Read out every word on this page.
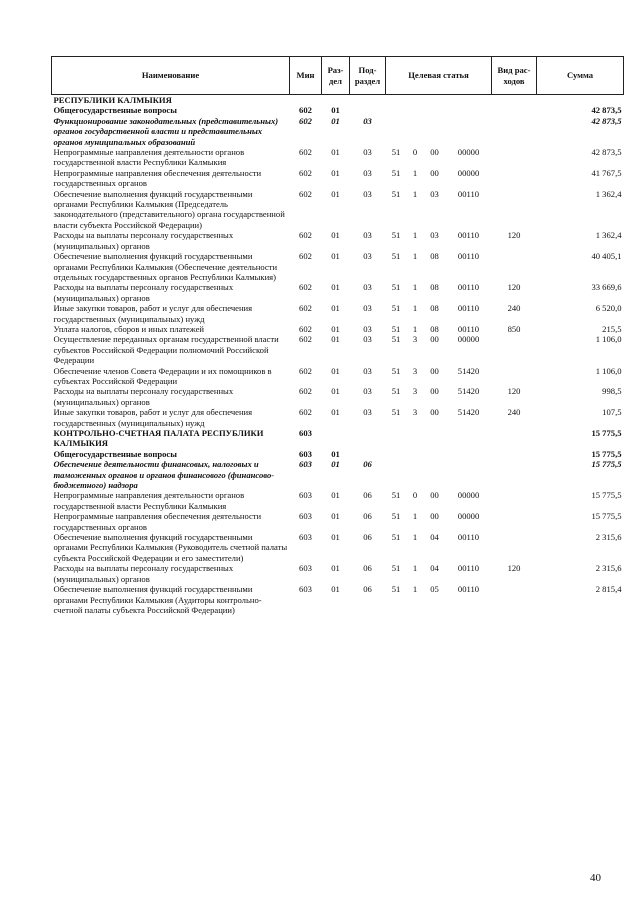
Наименование	Мин	Раз-дел	Под-раздел	Целевая статья				Вид рас-ходов	Сумма
РЕСПУБЛИКИ КАЛМЫКИЯ									
Общегосударственные вопросы	602	01							42 873,5
Функционирование законодательных (представительных) органов государственной власти и представительных органов муниципальных образований	602	01	03						42 873,5
Непрограммные направления деятельности органов государственной власти Республики Калмыкия	602	01	03	51	0	00	00000		42 873,5
Непрограммные направления обеспечения деятельности государственных органов	602	01	03	51	1	00	00000		41 767,5
Обеспечение выполнения функций государственными органами Республики Калмыкия (Председатель законодательного (представительного) органа государственной власти субъекта Российской Федерации)	602	01	03	51	1	03	00110		1 362,4
Расходы на выплаты персоналу государственных (муниципальных) органов	602	01	03	51	1	03	00110	120	1 362,4
Обеспечение выполнения функций государственными органами Республики Калмыкия (Обеспечение деятельности отдельных государственных органов Республики Калмыкия)	602	01	03	51	1	08	00110		40 405,1
Расходы на выплаты персоналу государственных (муниципальных) органов	602	01	03	51	1	08	00110	120	33 669,6
Иные закупки товаров, работ и услуг для обеспечения государственных (муниципальных) нужд	602	01	03	51	1	08	00110	240	6 520,0
Уплата налогов, сборов и иных платежей	602	01	03	51	1	08	00110	850	215,5
Осуществление переданных органам государственной власти субъектов Российской Федерации полномочий Российской Федерации	602	01	03	51	3	00	00000		1 106,0
Обеспечение членов Совета Федерации и их помощников в субъектах Российской Федерации	602	01	03	51	3	00	51420		1 106,0
Расходы на выплаты персоналу государственных (муниципальных) органов	602	01	03	51	3	00	51420	120	998,5
Иные закупки товаров, работ и услуг для обеспечения государственных (муниципальных) нужд	602	01	03	51	3	00	51420	240	107,5
КОНТРОЛЬНО-СЧЕТНАЯ ПАЛАТА РЕСПУБЛИКИ КАЛМЫКИЯ	603								15 775,5
Общегосударственные вопросы	603	01							15 775,5
Обеспечение деятельности финансовых, налоговых и таможенных органов и органов финансового (финансово-бюджетного) надзора	603	01	06						15 775,5
Непрограммные направления деятельности органов государственной власти Республики Калмыкия	603	01	06	51	0	00	00000		15 775,5
Непрограммные направления обеспечения деятельности государственных органов	603	01	06	51	1	00	00000		15 775,5
Обеспечение выполнения функций государственными органами Республики Калмыкия (Руководитель счетной палаты субъекта Российской Федерации и его заместители)	603	01	06	51	1	04	00110		2 315,6
Расходы на выплаты персоналу государственных (муниципальных) органов	603	01	06	51	1	04	00110	120	2 315,6
Обеспечение выполнения функций государственными органами Республики Калмыкия (Аудиторы контрольно-счетной палаты субъекта Российской Федерации)	603	01	06	51	1	05	00110		2 815,4
40
